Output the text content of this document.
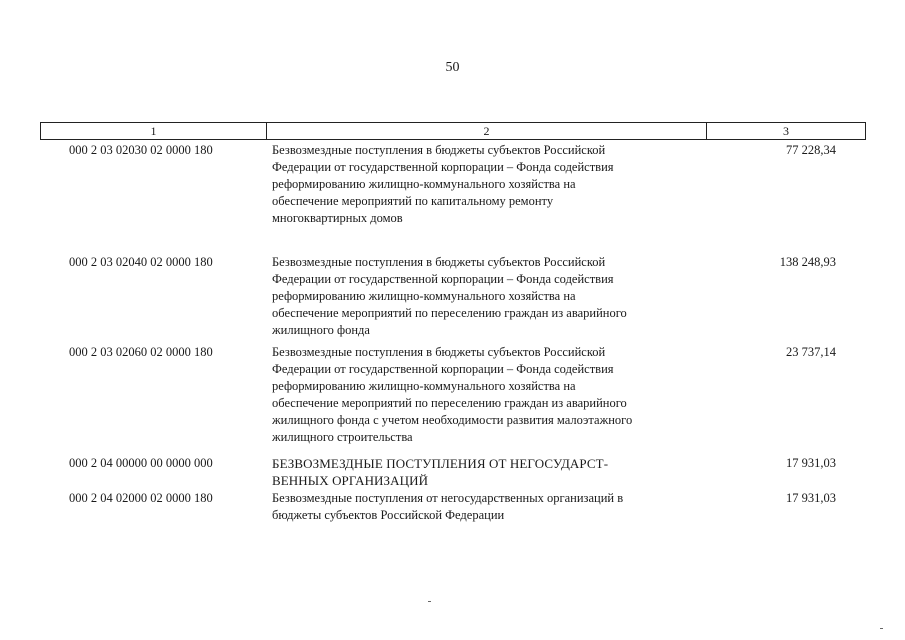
50
1	2	3
000 2 03 02030 02 0000 180	Безвозмездные поступления в бюджеты субъектов Российской
Федерации от государственной корпорации – Фонда содействия
реформированию жилищно-коммунального хозяйства на
обеспечение мероприятий по капитальному ремонту
многоквартирных домов
77 228,34
000 2 03 02040 02 0000 180	Безвозмездные поступления в бюджеты субъектов Российской
Федерации от государственной корпорации – Фонда содействия
реформированию жилищно-коммунального хозяйства на
обеспечение мероприятий по переселению граждан из аварийного
жилищного фонда
138 248,93
000 2 03 02060 02 0000 180	Безвозмездные поступления в бюджеты субъектов Российской
Федерации от государственной корпорации – Фонда содействия
реформированию жилищно-коммунального хозяйства на
обеспечение мероприятий по переселению граждан из аварийного
жилищного фонда с учетом необходимости развития малоэтажного
жилищного строительства
23 737,14
000 2 04 00000 00 0000 000	БЕЗВОЗМЕЗДНЫЕ ПОСТУПЛЕНИЯ ОТ НЕГОСУДАРСТ-
ВЕННЫХ ОРГАНИЗАЦИЙ
17 931,03
000 2 04 02000 02 0000 180	Безвозмездные поступления от негосударственных организаций в
бюджеты субъектов Российской Федерации
17 931,03
